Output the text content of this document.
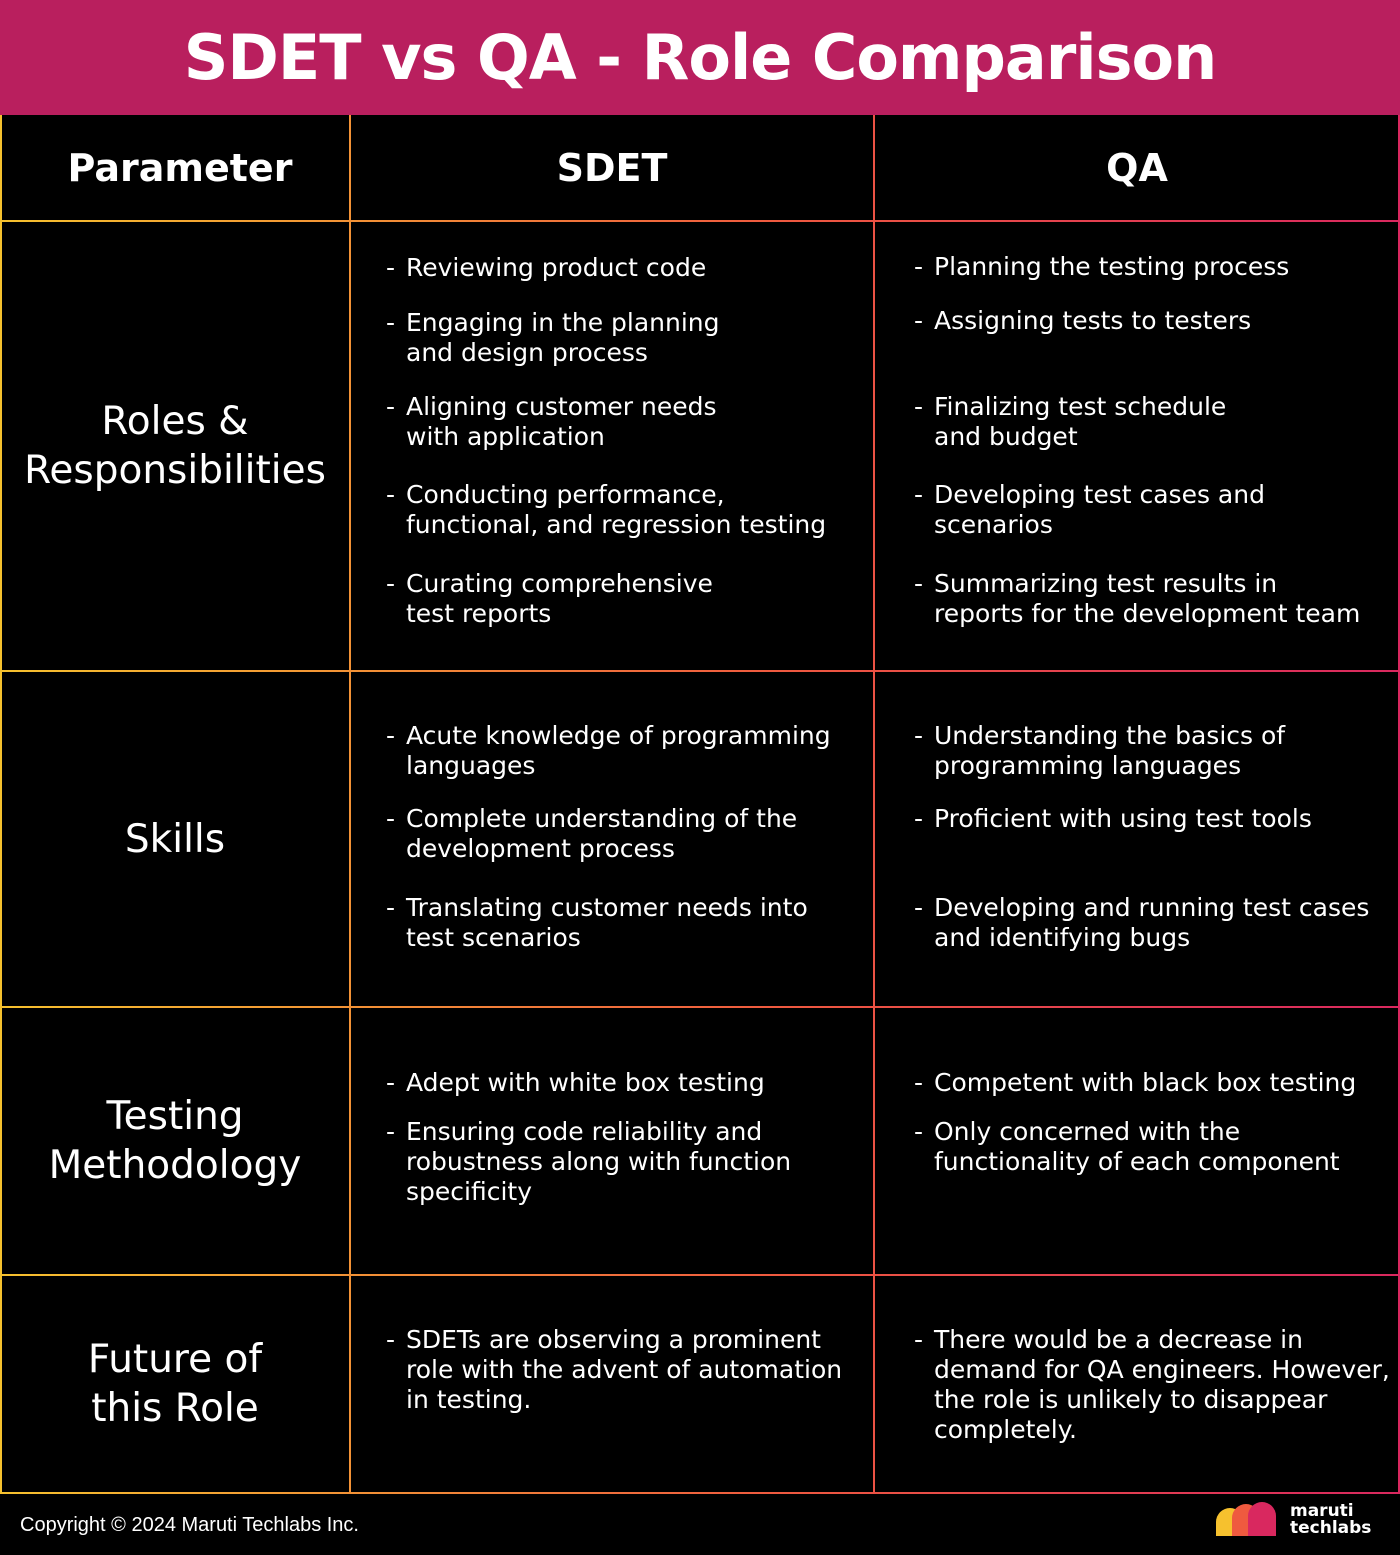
SDET vs QA - Role Comparison
Parameter	SDET	QA
Roles &
Responsibilities
- Reviewing product code
- Engaging in the planning
and design process
- Aligning customer needs
with application
- Conducting performance,
functional, and regression testing
- Curating comprehensive
test reports
- Planning the testing process
- Assigning tests to testers
- Finalizing test schedule
and budget
- Developing test cases and
scenarios
- Summarizing test results in
reports for the development team
Skills
- Acute knowledge of programming
languages
- Complete understanding of the
development process
- Translating customer needs into
test scenarios
- Understanding the basics of
programming languages
- Proficient with using test tools
- Developing and running test cases
and identifying bugs
Testing
Methodology
- Adept with white box testing
- Ensuring code reliability and
robustness along with function
specificity
- Competent with black box testing
- Only concerned with the
functionality of each component
Future of
this Role
- SDETs are observing a prominent
role with the advent of automation
in testing.
- There would be a decrease in
demand for QA engineers. However,
the role is unlikely to disappear
completely.
Copyright © 2024 Maruti Techlabs Inc.
maruti
techlabs
